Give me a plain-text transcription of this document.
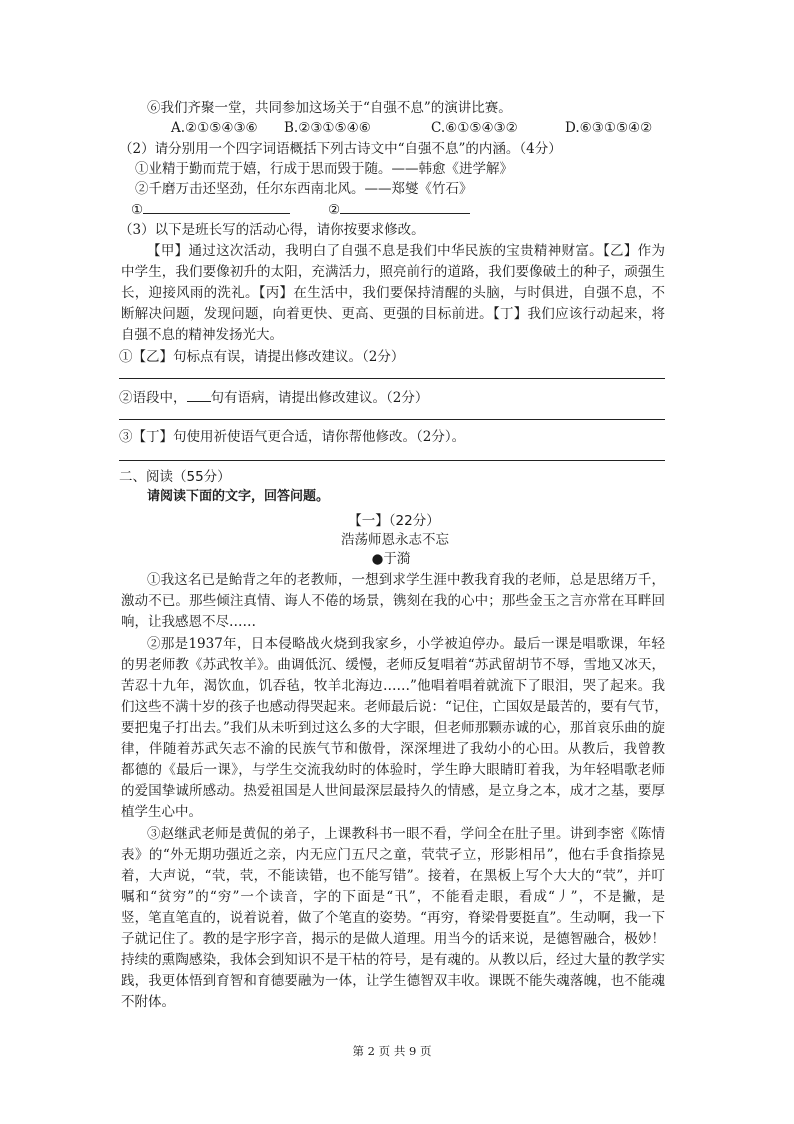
⑥我们齐聚一堂，共同参加这场关于“自强不息”的演讲比赛。
A.②①⑤④③⑥ B.②③①⑤④⑥	C.⑥①⑤④③②	D.⑥③①⑤④②
（2）请分别用一个四字词语概括下列古诗文中“自强不息”的内涵。（4分）
①业精于勤而荒于嬉，行成于思而毁于随。——韩愈《进学解》
②千磨万击还坚劲，任尔东西南北风。——郑燮《竹石》
①	②
（3）以下是班长写的活动心得，请你按要求修改。
【甲】通过这次活动，我明白了自强不息是我们中华民族的宝贵精神财富。【乙】作为
中学生，我们要像初升的太阳，充满活力，照亮前行的道路，我们要像破土的种子，顽强生
长，迎接风雨的洗礼。【丙】在生活中，我们要保持清醒的头脑，与时俱进，自强不息，不
断解决问题，发现问题，向着更快、更高、更强的目标前进。【丁】我们应该行动起来，将
自强不息的精神发扬光大。
①【乙】句标点有误，请提出修改建议。（2分）
②语段中， 句有语病，请提出修改建议。（2分）
③【丁】句使用祈使语气更合适，请你帮他修改。（2分）。
二、阅读（55分）
请阅读下面的文字，回答问题。
【一】（22分）
浩荡师恩永志不忘
●于漪
①我这名已是鲐背之年的老教师，一想到求学生涯中教我育我的老师，总是思绪万千，
激动不已。那些倾注真情、诲人不倦的场景，镌刻在我的心中；那些金玉之言亦常在耳畔回
响，让我感恩不尽……
②那是1937年，日本侵略战火烧到我家乡，小学被迫停办。最后一课是唱歌课，年轻
的男老师教《苏武牧羊》。曲调低沉、缓慢，老师反复唱着“苏武留胡节不辱，雪地又冰天，
苦忍十九年，渴饮血，饥吞毡，牧羊北海边……”他唱着唱着就流下了眼泪，哭了起来。我
们这些不满十岁的孩子也感动得哭起来。老师最后说：“记住，亡国奴是最苦的，要有气节，
要把鬼子打出去。”我们从未听到过这么多的大字眼，但老师那颗赤诚的心，那首哀乐曲的旋
律，伴随着苏武矢志不渝的民族气节和傲骨，深深埋进了我幼小的心田。从教后，我曾教
都德的《最后一课》，与学生交流我幼时的体验时，学生睁大眼睛盯着我，为年轻唱歌老师
的爱国挚诚所感动。热爱祖国是人世间最深层最持久的情感，是立身之本，成才之基，要厚
植学生心中。
③赵继武老师是黄侃的弟子，上课教科书一眼不看，学问全在肚子里。讲到李密《陈情
表》的“外无期功强近之亲，内无应门五尺之童，茕茕孑立，形影相吊”，他右手食指捺晃
着，大声说，“茕，茕，不能读错，也不能写错”。接着，在黑板上写个大大的“茕”，并叮
嘱和“贫穷”的“穷”一个读音，字的下面是“卂”，不能看走眼，看成“丿”，不是撇，是
竖，笔直笔直的，说着说着，做了个笔直的姿势。“再穷，脊梁骨要挺直”。生动啊，我一下
子就记住了。教的是字形字音，揭示的是做人道理。用当今的话来说，是德智融合，极妙！
持续的熏陶感染，我体会到知识不是干枯的符号，是有魂的。从教以后，经过大量的教学实
践，我更体悟到育智和育德要融为一体，让学生德智双丰收。课既不能失魂落魄，也不能魂
不附体。
第 2 页 共 9 页
